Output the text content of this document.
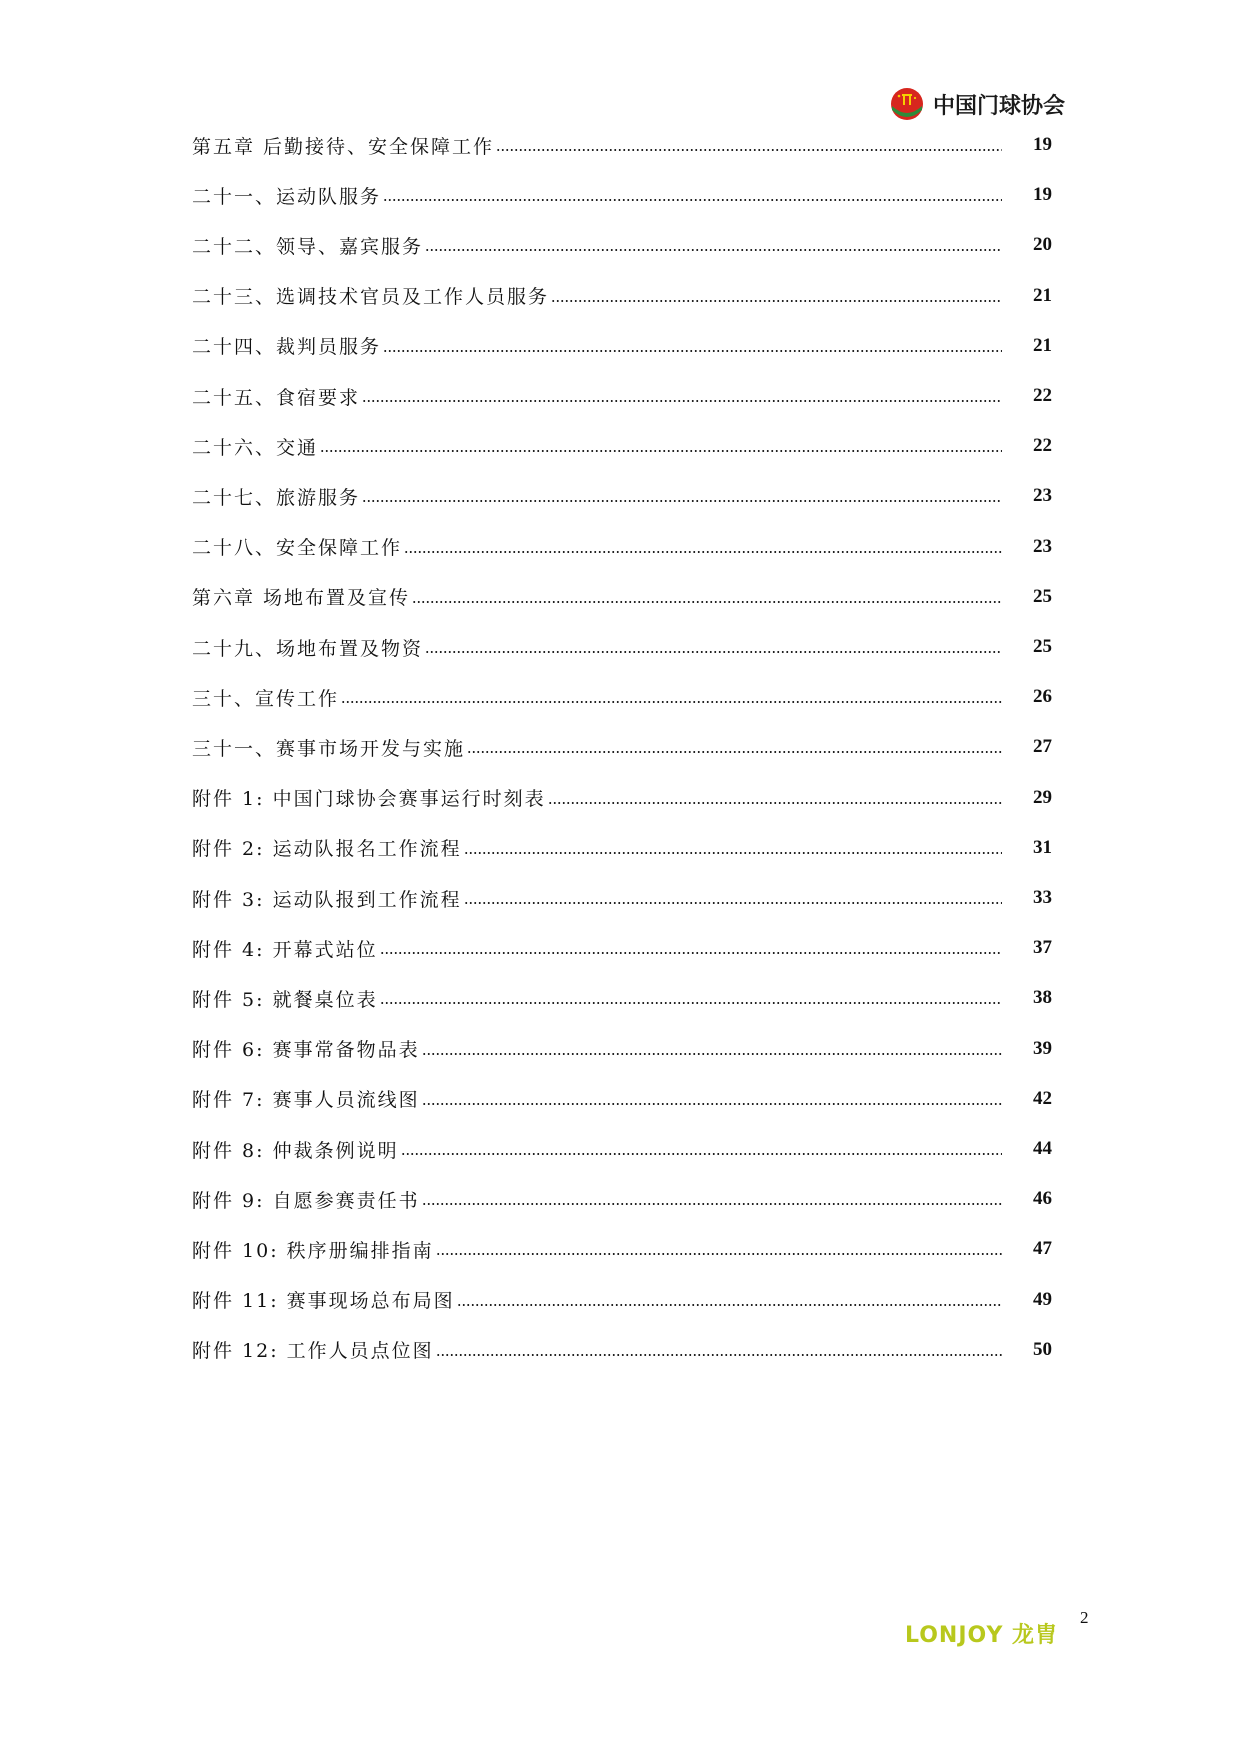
中国门球协会
第五章 后勤接待、安全保障工作	19
二十一、运动队服务	19
二十二、领导、嘉宾服务	20
二十三、选调技术官员及工作人员服务	21
二十四、裁判员服务	21
二十五、食宿要求	22
二十六、交通	22
二十七、旅游服务	23
二十八、安全保障工作	23
第六章 场地布置及宣传	25
二十九、场地布置及物资	25
三十、宣传工作	26
三十一、赛事市场开发与实施	27
附件 1: 中国门球协会赛事运行时刻表	29
附件 2: 运动队报名工作流程	31
附件 3: 运动队报到工作流程	33
附件 4: 开幕式站位	37
附件 5: 就餐桌位表	38
附件 6: 赛事常备物品表	39
附件 7: 赛事人员流线图	42
附件 8: 仲裁条例说明	44
附件 9: 自愿参赛责任书	46
附件 10: 秩序册编排指南	47
附件 11: 赛事现场总布局图	49
附件 12: 工作人员点位图	50
LONJOY 龙胄
2
